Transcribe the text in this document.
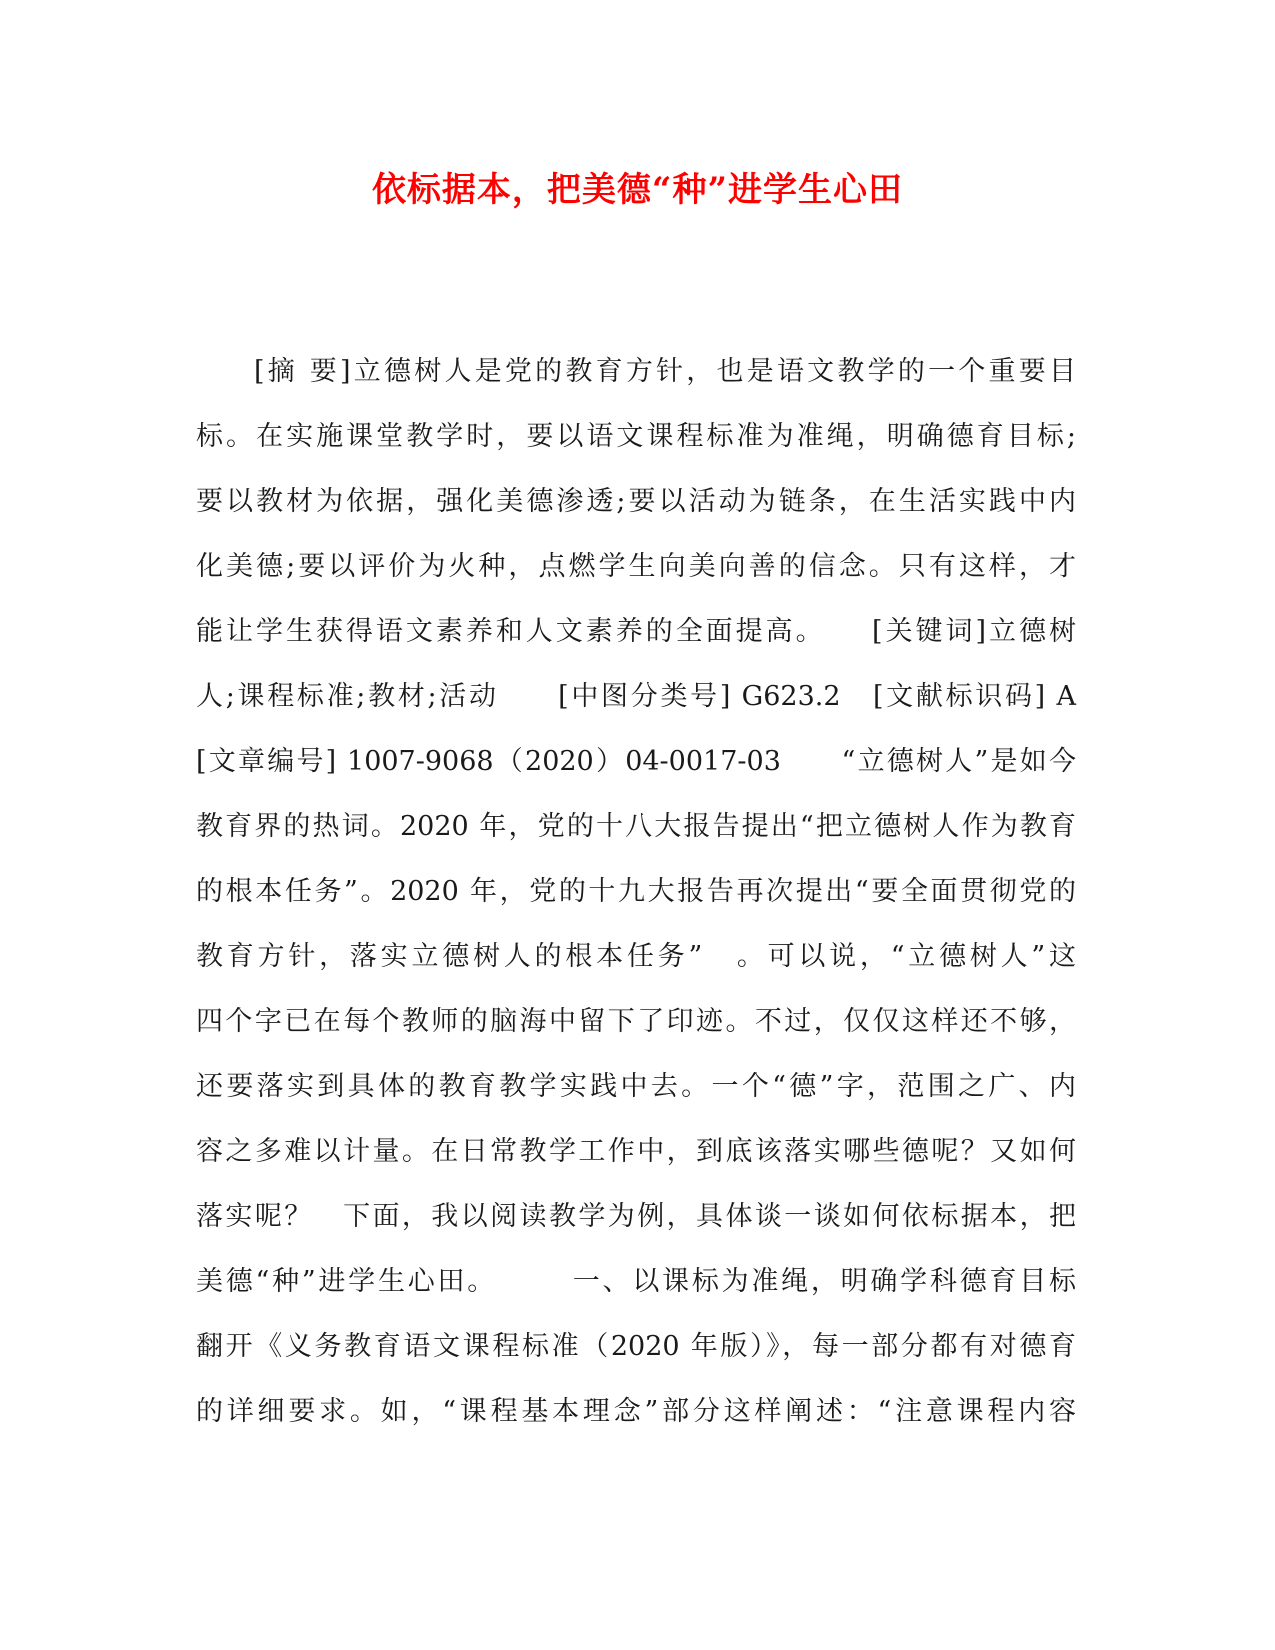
依标据本，把美德“种”进学生心田
[摘 要]立德树人是党的教育方针，也是语文教学的一个重要目
标。在实施课堂教学时，要以语文课程标准为准绳，明确德育目标;
要以教材为依据，强化美德渗透;要以活动为链条，在生活实践中内
化美德;要以评价为火种，点燃学生向美向善的信念。只有这样，才
能让学生获得语文素养和人文素养的全面提高。　　[关键词]立德树
人;课程标准;教材;活动　　[中图分类号] G623.2　[文献标识码] A
[文章编号] 1007-9068（2020）04-0017-03　　“立德树人”是如今
教育界的热词。2020 年，党的十八大报告提出“把立德树人作为教育
的根本任务”。2020 年，党的十九大报告再次提出“要全面贯彻党的
教育方针，落实立德树人的根本任务”　。可以说，“立德树人”这
四个字已在每个教师的脑海中留下了印迹。不过，仅仅这样还不够，
还要落实到具体的教育教学实践中去。一个“德”字，范围之广、内
容之多难以计量。在日常教学工作中，到底该落实哪些德呢？又如何
落实呢？　下面，我以阅读教学为例，具体谈一谈如何依标据本，把
美德“种”进学生心田。　　　一、以课标为准绳，明确学科德育目标
翻开《义务教育语文课程标准（2020 年版）》，每一部分都有对德育
的详细要求。如，“课程基本理念”部分这样阐述：“注意课程内容
